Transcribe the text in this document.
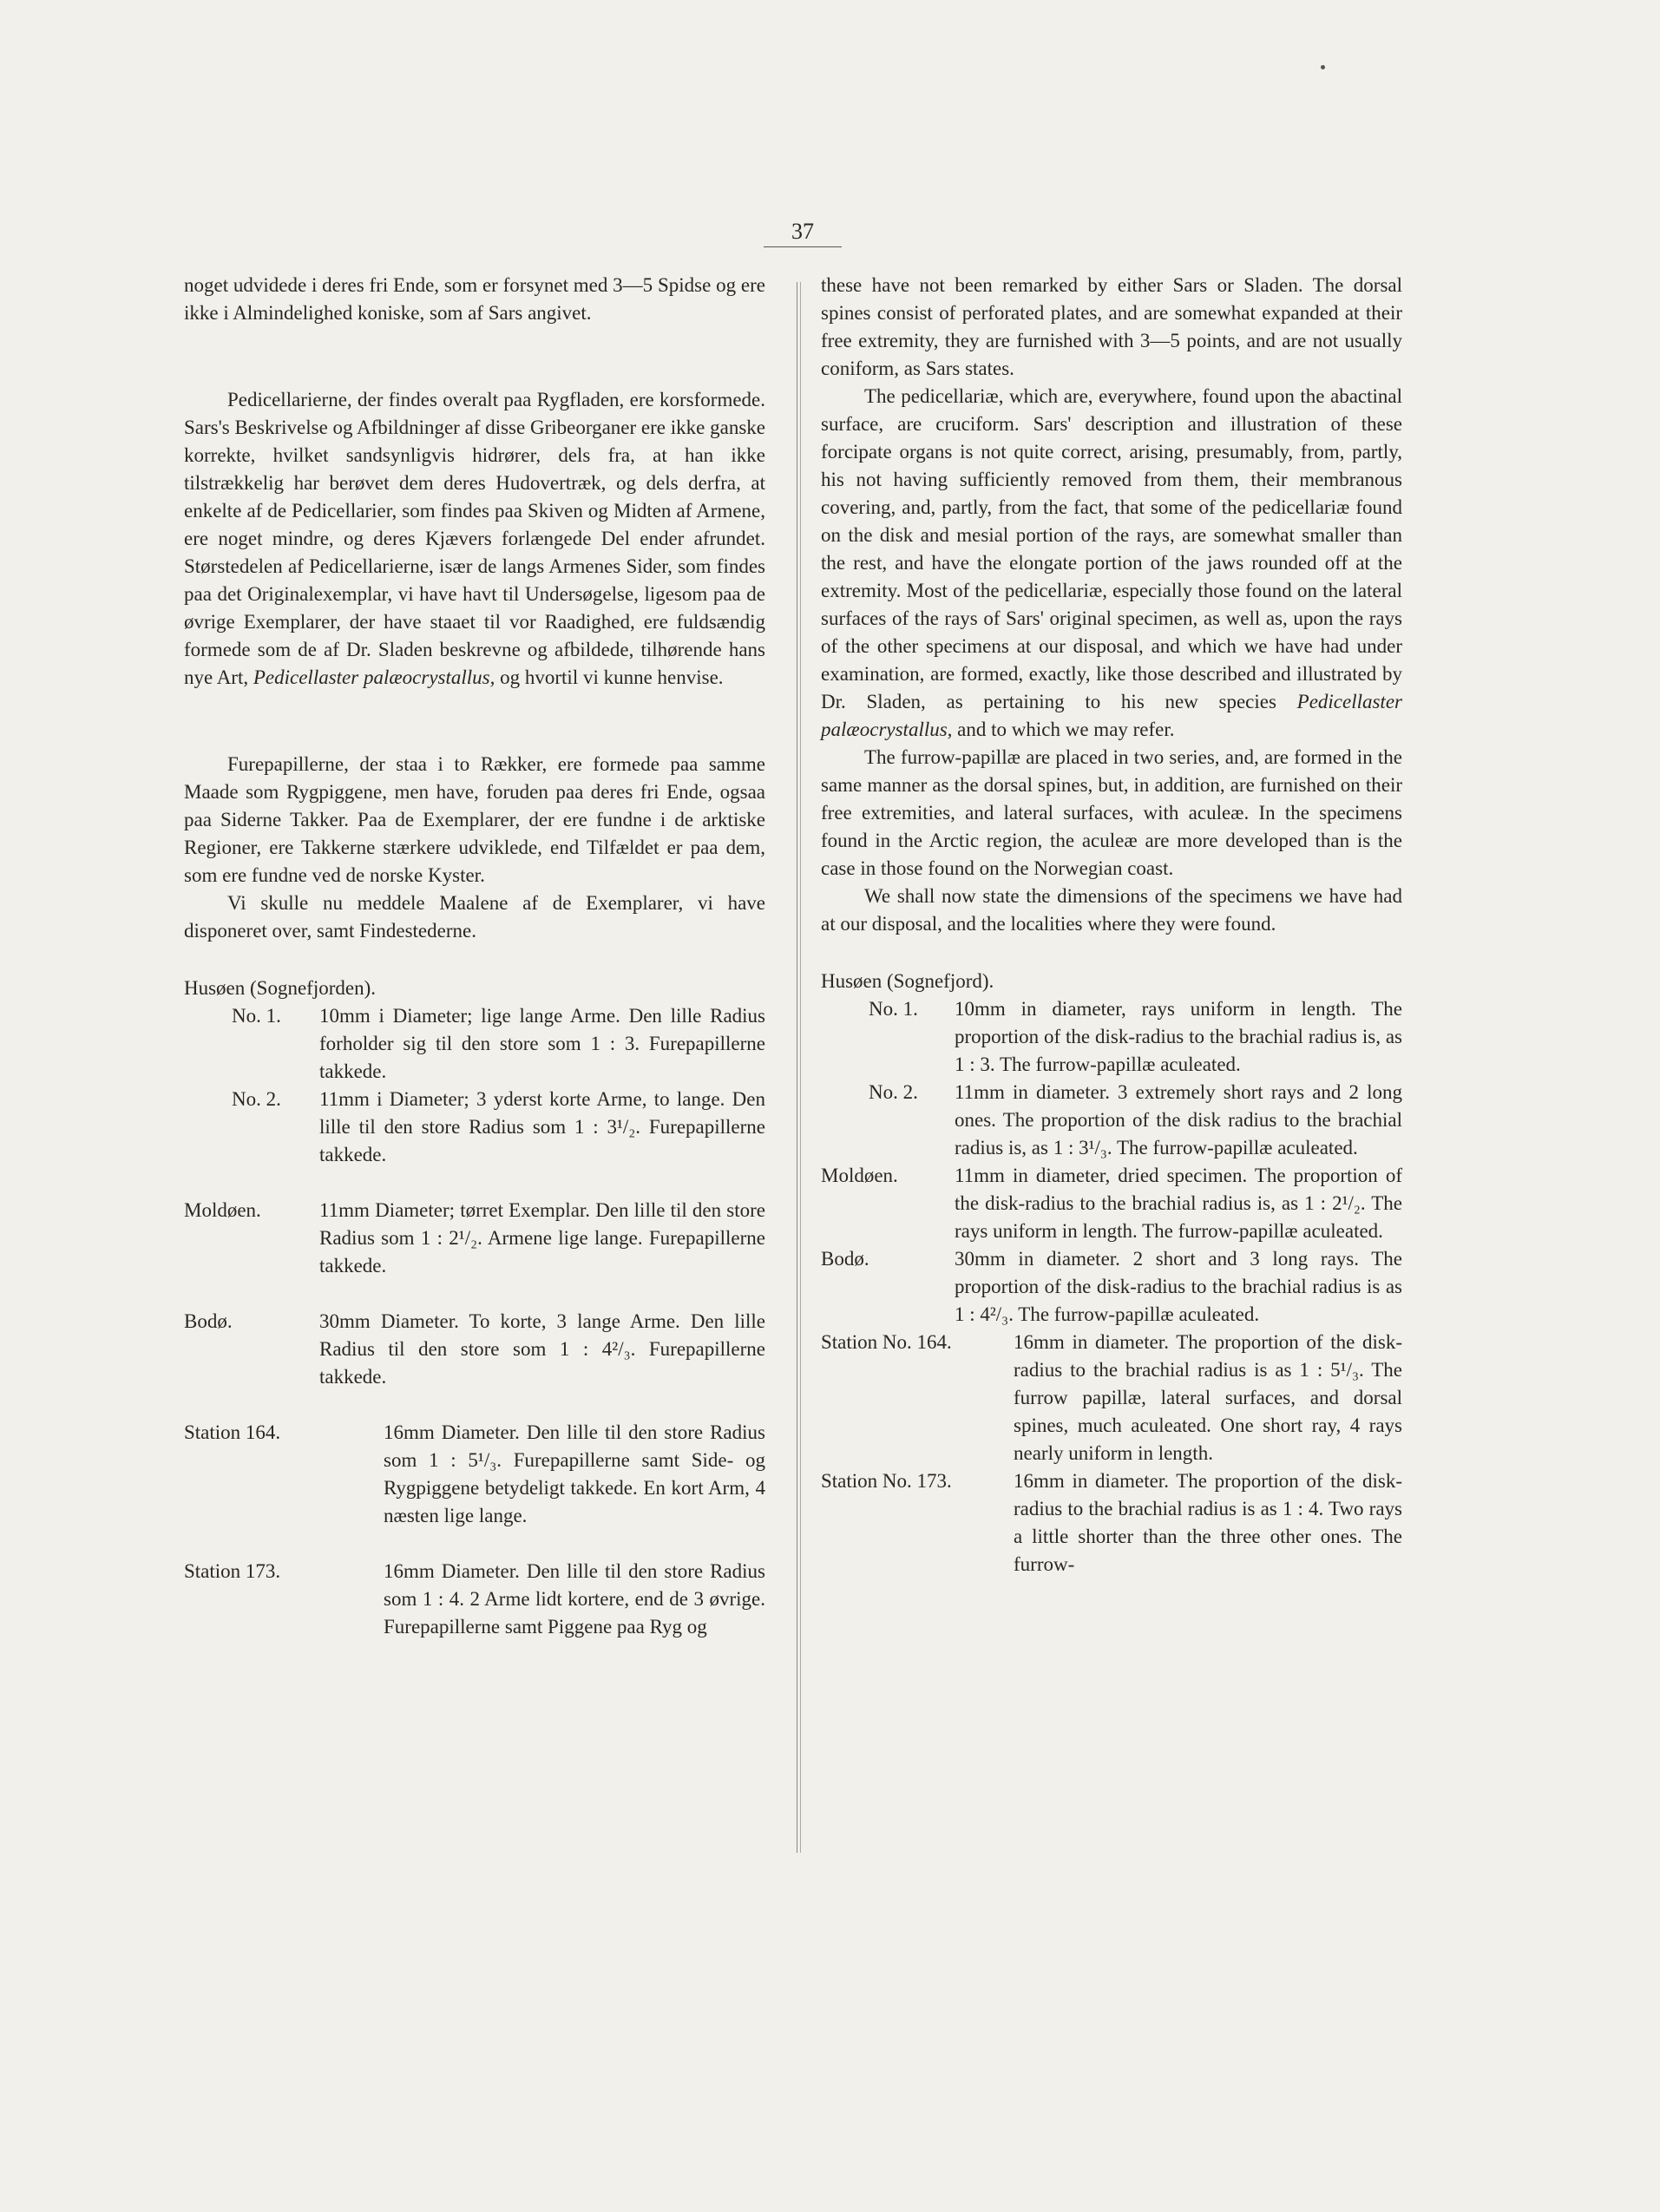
37

noget udvidede i deres fri Ende, som er forsynet med 3—5 Spidse og ere ikke i Almindelighed koniske, som af Sars angivet.

Pedicellarierne, der findes overalt paa Rygfladen, ere korsformede. Sars's Beskrivelse og Afbildninger af disse Gribeorganer ere ikke ganske korrekte, hvilket sandsynligvis hidrører, dels fra, at han ikke tilstrækkelig har berøvet dem deres Hudovertræk, og dels derfra, at enkelte af de Pedicellarier, som findes paa Skiven og Midten af Armene, ere noget mindre, og deres Kjævers forlængede Del ender afrundet. Størstedelen af Pedicellarierne, især de langs Armenes Sider, som findes paa det Originalexemplar, vi have havt til Undersøgelse, ligesom paa de øvrige Exemplarer, der have staaet til vor Raadighed, ere fuldsændig formede som de af Dr. Sladen beskrevne og afbildede, tilhørende hans nye Art, Pedicellaster palæocrystallus, og hvortil vi kunne henvise.

Furepapillerne, der staa i to Rækker, ere formede paa samme Maade som Rygpiggene, men have, foruden paa deres fri Ende, ogsaa paa Siderne Takker. Paa de Exemplarer, der ere fundne i de arktiske Regioner, ere Takkerne stærkere udviklede, end Tilfældet er paa dem, som ere fundne ved de norske Kyster.

Vi skulle nu meddele Maalene af de Exemplarer, vi have disponeret over, samt Findestederne.

Husøen (Sognefjorden).

No. 1.	10mm i Diameter; lige lange Arme. Den lille Radius forholder sig til den store som 1 : 3. Furepapillerne takkede.
No. 2.	11mm i Diameter; 3 yderst korte Arme, to lange. Den lille til den store Radius som 1 : 3¹/₂. Furepapillerne takkede.
Moldøen.	11mm Diameter; tørret Exemplar. Den lille til den store Radius som 1 : 2¹/₂. Armene lige lange. Furepapillerne takkede.
Bodø.	30mm Diameter. To korte, 3 lange Arme. Den lille Radius til den store som 1 : 4²/₃. Furepapillerne takkede.
Station 164.	16mm Diameter. Den lille til den store Radius som 1 : 5¹/₃. Furepapillerne samt Side- og Rygpiggene betydeligt takkede. En kort Arm, 4 næsten lige lange.
Station 173.	16mm Diameter. Den lille til den store Radius som 1 : 4. 2 Arme lidt kortere, end de 3 øvrige. Furepapillerne samt Piggene paa Ryg og

these have not been remarked by either Sars or Sladen. The dorsal spines consist of perforated plates, and are somewhat expanded at their free extremity, they are furnished with 3—5 points, and are not usually coniform, as Sars states.

The pedicellariæ, which are, everywhere, found upon the abactinal surface, are cruciform. Sars' description and illustration of these forcipate organs is not quite correct, arising, presumably, from, partly, his not having sufficiently removed from them, their membranous covering, and, partly, from the fact, that some of the pedicellariæ found on the disk and mesial portion of the rays, are somewhat smaller than the rest, and have the elongate portion of the jaws rounded off at the extremity. Most of the pedicellariæ, especially those found on the lateral surfaces of the rays of Sars' original specimen, as well as, upon the rays of the other specimens at our disposal, and which we have had under examination, are formed, exactly, like those described and illustrated by Dr. Sladen, as pertaining to his new species Pedicellaster palæocrystallus, and to which we may refer.

The furrow-papillæ are placed in two series, and, are formed in the same manner as the dorsal spines, but, in addition, are furnished on their free extremities, and lateral surfaces, with aculeæ. In the specimens found in the Arctic region, the aculeæ are more developed than is the case in those found on the Norwegian coast.

We shall now state the dimensions of the specimens we have had at our disposal, and the localities where they were found.

Husøen (Sognefjord).

No. 1.	10mm in diameter, rays uniform in length. The proportion of the disk-radius to the brachial radius is, as 1 : 3. The furrow-papillæ aculeated.
No. 2.	11mm in diameter. 3 extremely short rays and 2 long ones. The proportion of the disk radius to the brachial radius is, as 1 : 3¹/₃. The furrow-papillæ aculeated.
Moldøen.	11mm in diameter, dried specimen. The proportion of the disk-radius to the brachial radius is, as 1 : 2¹/₂. The rays uniform in length. The furrow-papillæ aculeated.
Bodø.	30mm in diameter. 2 short and 3 long rays. The proportion of the disk-radius to the brachial radius is as 1 : 4²/₃. The furrow-papillæ aculeated.
Station No. 164.	16mm in diameter. The proportion of the disk-radius to the brachial radius is as 1 : 5¹/₃. The furrow papillæ, lateral surfaces, and dorsal spines, much aculeated. One short ray, 4 rays nearly uniform in length.
Station No. 173.	16mm in diameter. The proportion of the disk-radius to the brachial radius is as 1 : 4. Two rays a little shorter than the three other ones. The furrow-
